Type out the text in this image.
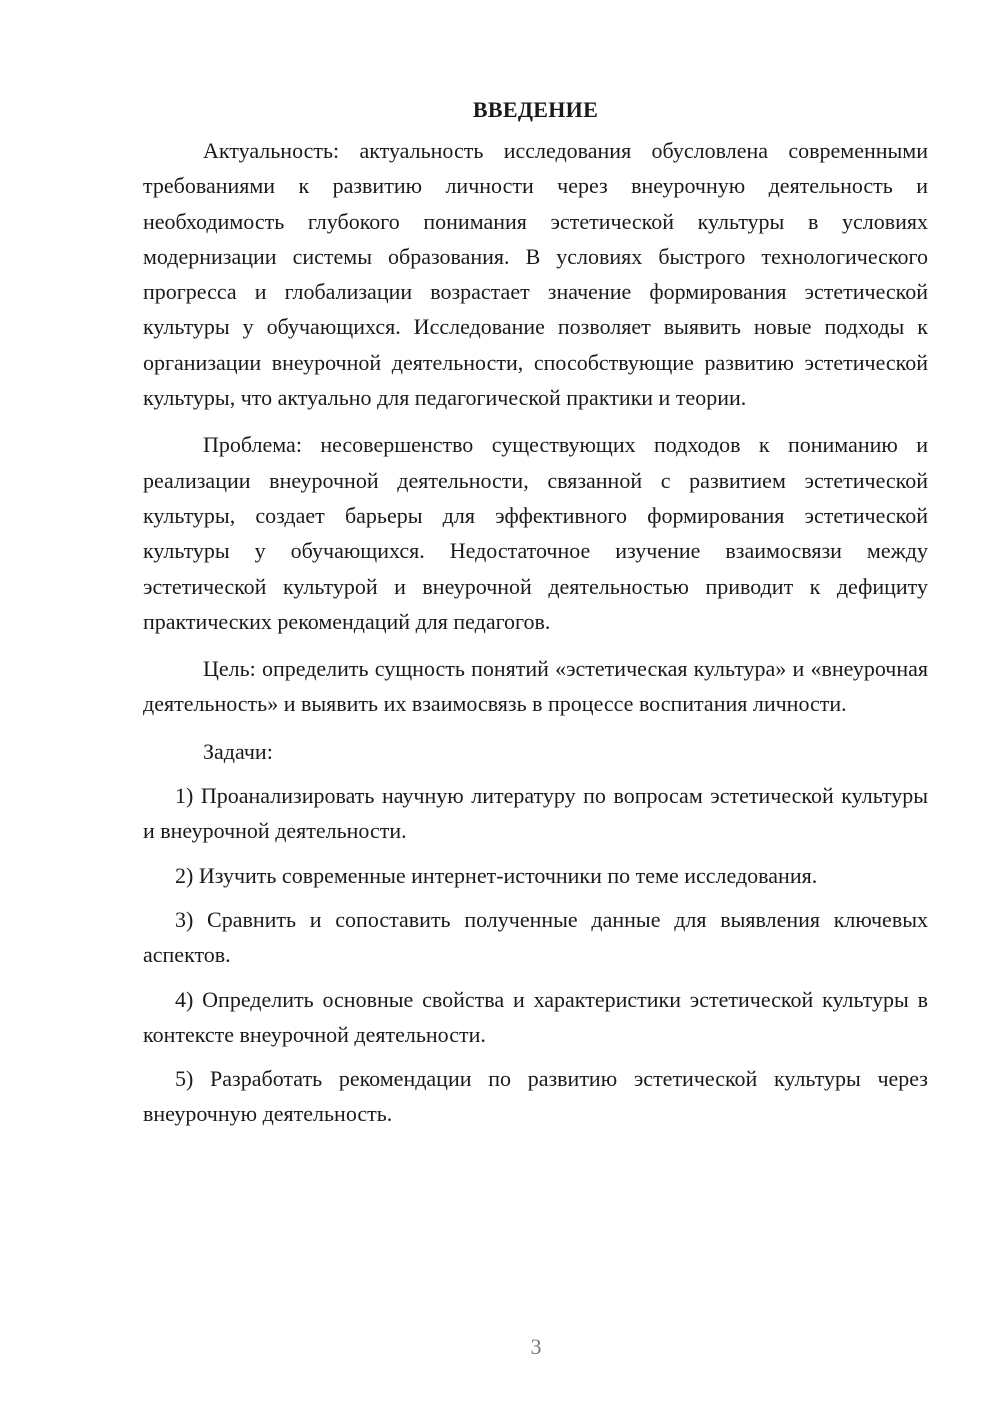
ВВЕДЕНИЕ

Актуальность: актуальность исследования обусловлена современными требованиями к развитию личности через внеурочную деятельность и необходимость глубокого понимания эстетической культуры в условиях модернизации системы образования. В условиях быстрого технологического прогресса и глобализации возрастает значение формирования эстетической культуры у обучающихся. Исследование позволяет выявить новые подходы к организации внеурочной деятельности, способствующие развитию эстетической культуры, что актуально для педагогической практики и теории.

Проблема: несовершенство существующих подходов к пониманию и реализации внеурочной деятельности, связанной с развитием эстетической культуры, создает барьеры для эффективного формирования эстетической культуры у обучающихся. Недостаточное изучение взаимосвязи между эстетической культурой и внеурочной деятельностью приводит к дефициту практических рекомендаций для педагогов.

Цель: определить сущность понятий «эстетическая культура» и «внеурочная деятельность» и выявить их взаимосвязь в процессе воспитания личности.

Задачи:

1) Проанализировать научную литературу по вопросам эстетической культуры и внеурочной деятельности.

2) Изучить современные интернет-источники по теме исследования.

3) Сравнить и сопоставить полученные данные для выявления ключевых аспектов.

4) Определить основные свойства и характеристики эстетической культуры в контексте внеурочной деятельности.

5) Разработать рекомендации по развитию эстетической культуры через внеурочную деятельность.

3
